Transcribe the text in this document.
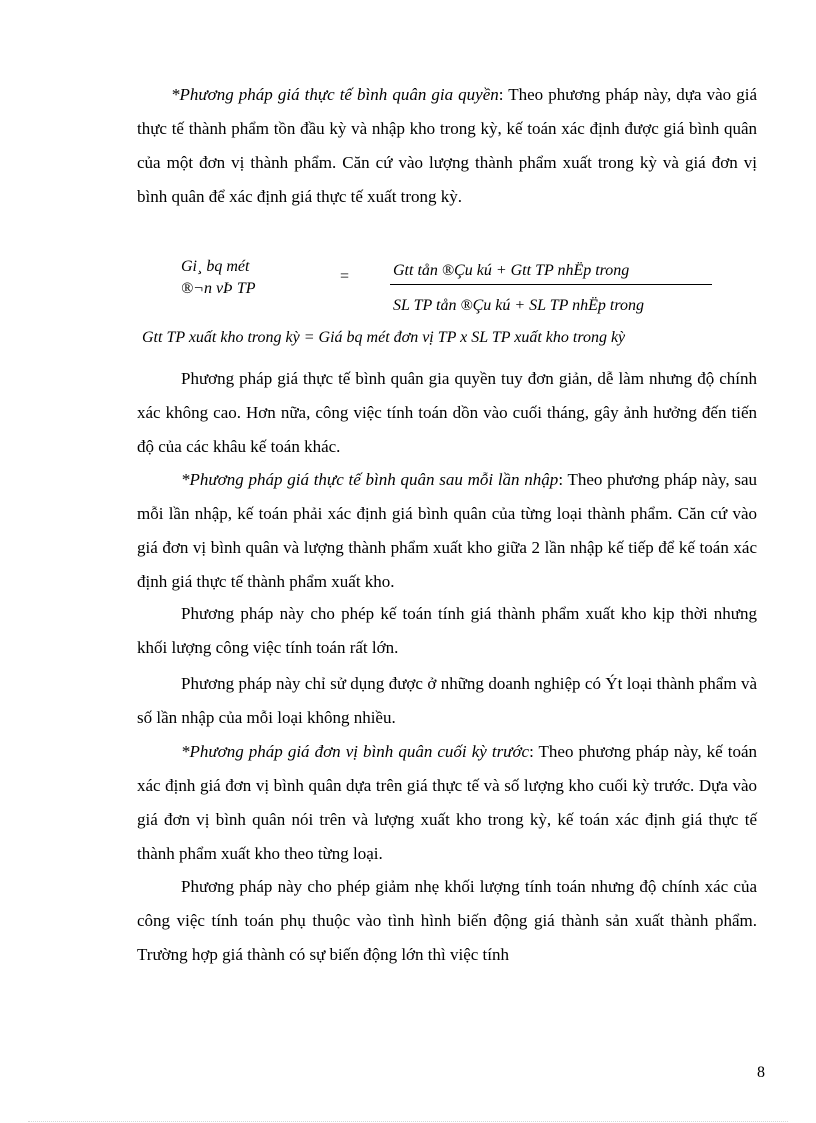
*Phương pháp giá thực tế bình quân gia quyền: Theo phương pháp này, dựa vào giá thực tế thành phẩm tồn đầu kỳ và nhập kho trong kỳ, kế toán xác định được giá bình quân của một đơn vị thành phẩm. Căn cứ vào lượng thành phẩm xuất trong kỳ và giá đơn vị bình quân để xác định giá thực tế xuất trong kỳ.

Gi¸ bq mét
®¬n vÞ TP
=	Gtt tån ®Çu kú + Gtt TP nhËp trong
SL TP tån ®Çu kú + SL TP nhËp trong
Gtt TP xuất kho trong kỳ = Giá bq mét đơn vị TP x SL TP xuất kho trong kỳ

Phương pháp giá thực tế bình quân gia quyền tuy đơn giản, dễ làm nhưng độ chính xác không cao. Hơn nữa, công việc tính toán dồn vào cuối tháng, gây ảnh hưởng đến tiến độ của các khâu kế toán khác.

*Phương pháp giá thực tế bình quân sau mỗi lần nhập: Theo phương pháp này, sau mỗi lần nhập, kế toán phải xác định giá bình quân của từng loại thành phẩm. Căn cứ vào giá đơn vị bình quân và lượng thành phẩm xuất kho giữa 2 lần nhập kế tiếp để kế toán xác định giá thực tế thành phẩm xuất kho.

Phương pháp này cho phép kế toán tính giá thành phẩm xuất kho kịp thời nhưng khối lượng công việc tính toán rất lớn.

Phương pháp này chỉ sử dụng được ở những doanh nghiệp có Ýt loại thành phẩm và số lần nhập của mỗi loại không nhiều.

*Phương pháp giá đơn vị bình quân cuối kỳ trước: Theo phương pháp này, kế toán xác định giá đơn vị bình quân dựa trên giá thực tế và số lượng kho cuối kỳ trước. Dựa vào giá đơn vị bình quân nói trên và lượng xuất kho trong kỳ, kế toán xác định giá thực tế thành phẩm xuất kho theo từng loại.

Phương pháp này cho phép giảm nhẹ khối lượng tính toán nhưng độ chính xác của công việc tính toán phụ thuộc vào tình hình biến động giá thành sản xuất thành phẩm. Trường hợp giá thành có sự biến động lớn thì việc tính

8
